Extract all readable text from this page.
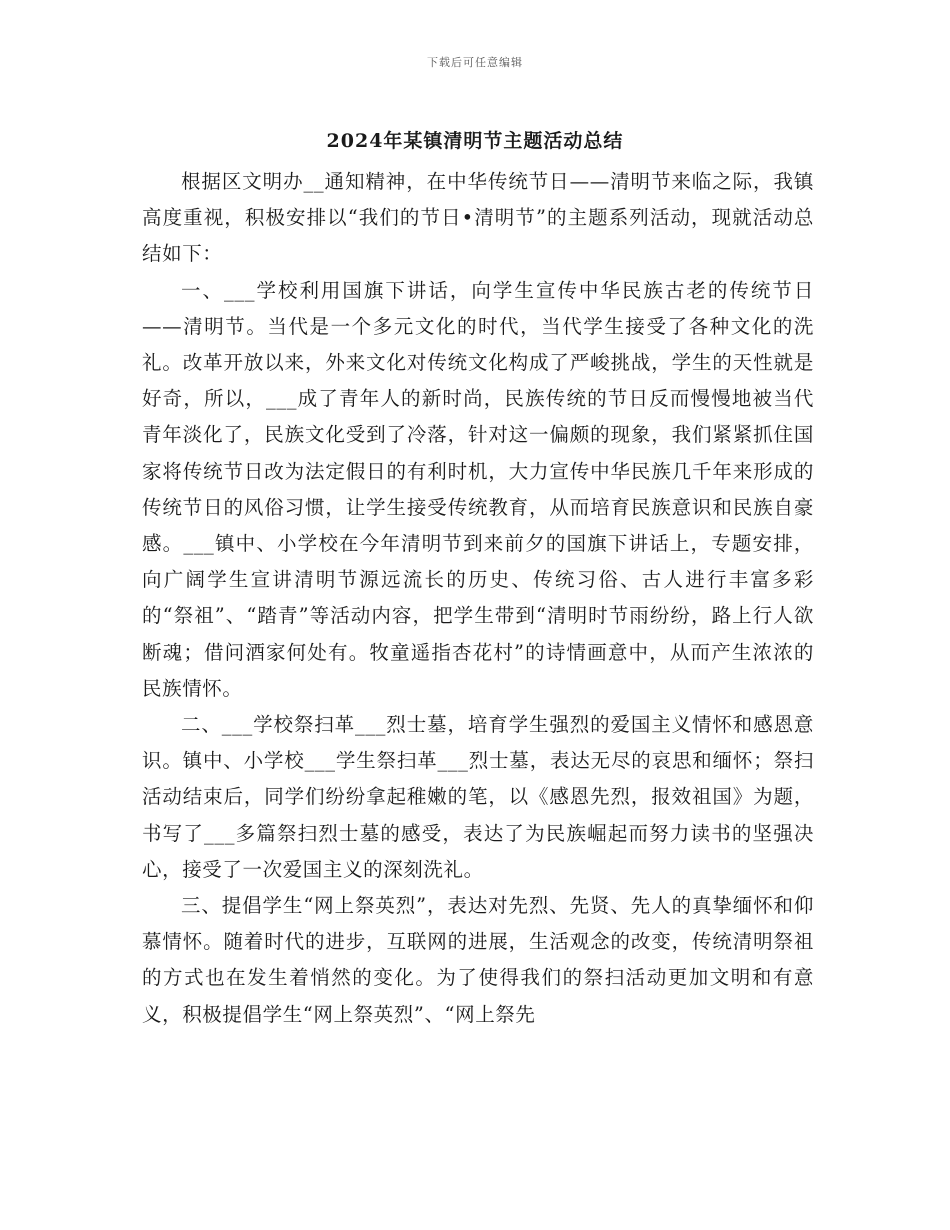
下载后可任意编辑
2024年某镇清明节主题活动总结

根据区文明办__通知精神，在中华传统节日——清明节来临之际，我镇高度重视，积极安排以“我们的节日•清明节”的主题系列活动，现就活动总结如下：

一、___学校利用国旗下讲话，向学生宣传中华民族古老的传统节日——清明节。当代是一个多元文化的时代，当代学生接受了各种文化的洗礼。改革开放以来，外来文化对传统文化构成了严峻挑战，学生的天性就是好奇，所以，___成了青年人的新时尚，民族传统的节日反而慢慢地被当代青年淡化了，民族文化受到了冷落，针对这一偏颇的现象，我们紧紧抓住国家将传统节日改为法定假日的有利时机，大力宣传中华民族几千年来形成的传统节日的风俗习惯，让学生接受传统教育，从而培育民族意识和民族自豪感。___镇中、小学校在今年清明节到来前夕的国旗下讲话上，专题安排，向广阔学生宣讲清明节源远流长的历史、传统习俗、古人进行丰富多彩的“祭祖”、“踏青”等活动内容，把学生带到“清明时节雨纷纷，路上行人欲断魂；借问酒家何处有。牧童遥指杏花村”的诗情画意中，从而产生浓浓的民族情怀。

二、___学校祭扫革___烈士墓，培育学生强烈的爱国主义情怀和感恩意识。镇中、小学校___学生祭扫革___烈士墓，表达无尽的哀思和缅怀；祭扫活动结束后，同学们纷纷拿起稚嫩的笔，以《感恩先烈，报效祖国》为题，书写了___多篇祭扫烈士墓的感受，表达了为民族崛起而努力读书的坚强决心，接受了一次爱国主义的深刻洗礼。

三、提倡学生“网上祭英烈”，表达对先烈、先贤、先人的真挚缅怀和仰慕情怀。随着时代的进步，互联网的进展，生活观念的改变，传统清明祭祖的方式也在发生着悄然的变化。为了使得我们的祭扫活动更加文明和有意义，积极提倡学生“网上祭英烈”、“网上祭先
